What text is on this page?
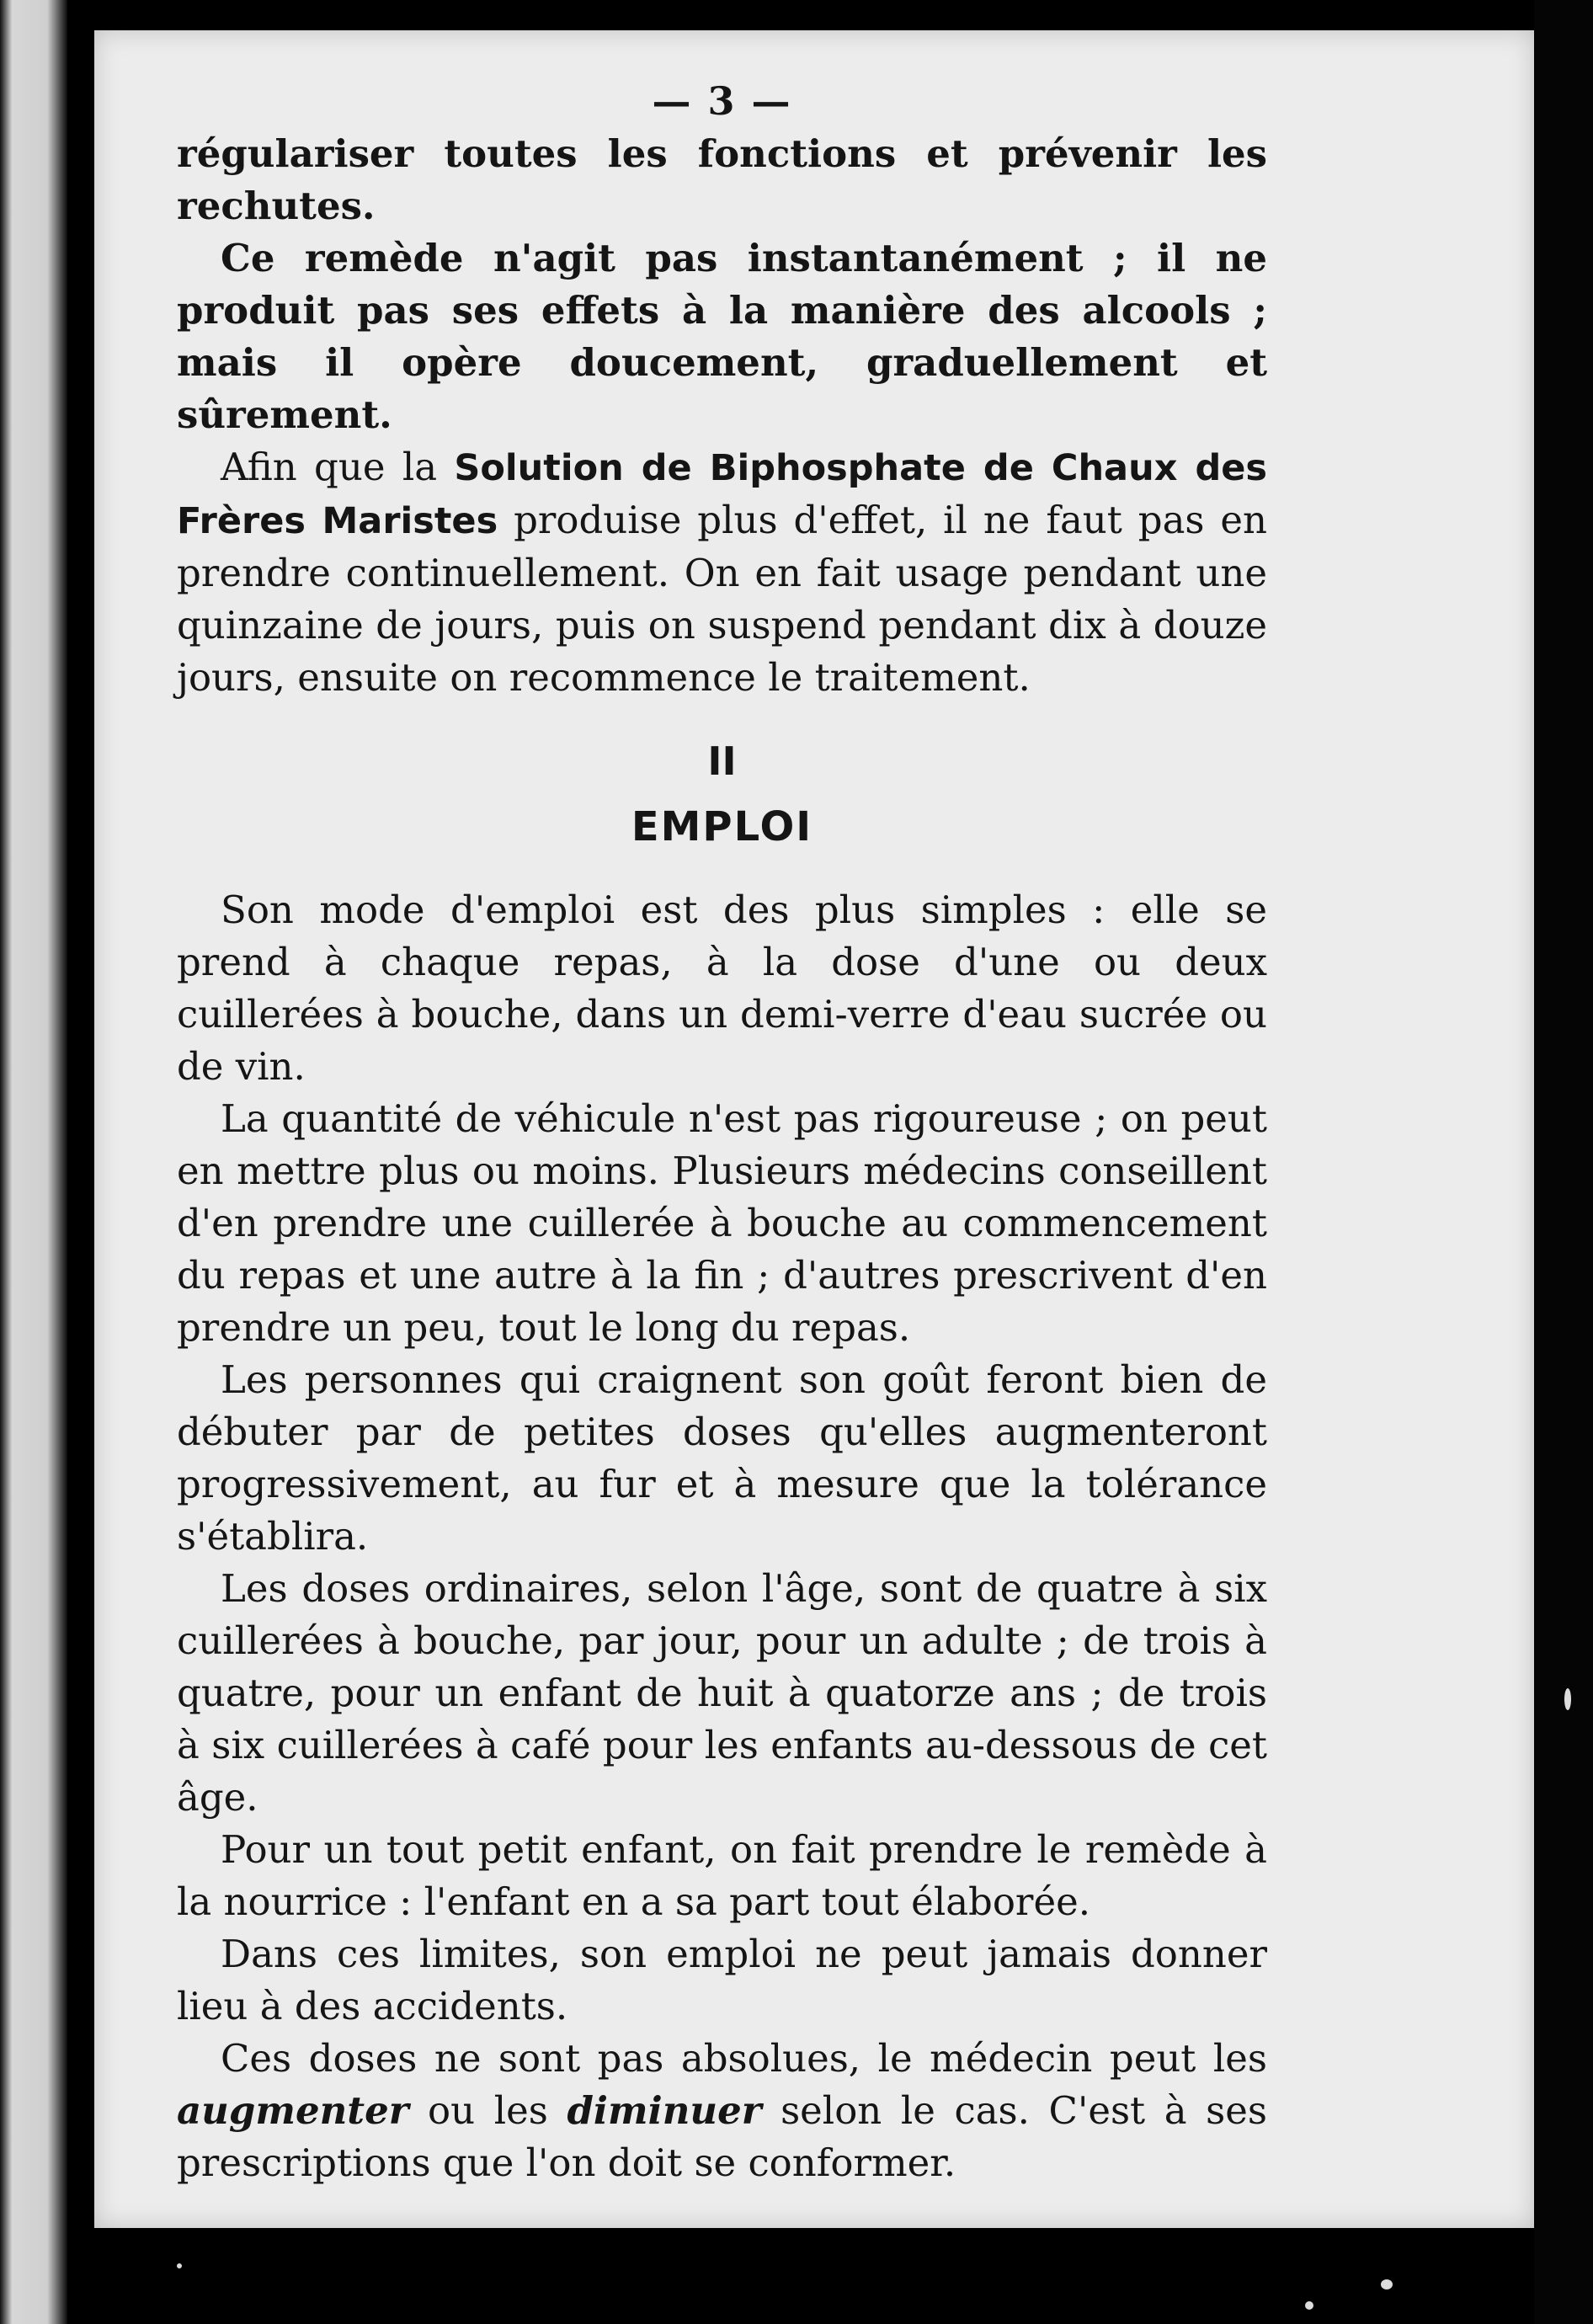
— 3 —

régulariser toutes les fonctions et prévenir les rechutes.

Ce remède n'agit pas instantanément ; il ne produit pas ses effets à la manière des alcools ; mais il opère doucement, graduellement et sûrement.

Afin que la Solution de Biphosphate de Chaux des Frères Maristes produise plus d'effet, il ne faut pas en prendre continuellement. On en fait usage pendant une quinzaine de jours, puis on suspend pendant dix à douze jours, ensuite on recommence le traitement.

II
EMPLOI

Son mode d'emploi est des plus simples : elle se prend à chaque repas, à la dose d'une ou deux cuillerées à bouche, dans un demi-verre d'eau sucrée ou de vin.

La quantité de véhicule n'est pas rigoureuse ; on peut en mettre plus ou moins. Plusieurs médecins conseillent d'en prendre une cuillerée à bouche au commencement du repas et une autre à la fin ; d'autres prescrivent d'en prendre un peu, tout le long du repas.

Les personnes qui craignent son goût feront bien de débuter par de petites doses qu'elles augmenteront progressivement, au fur et à mesure que la tolérance s'établira.

Les doses ordinaires, selon l'âge, sont de quatre à six cuillerées à bouche, par jour, pour un adulte ; de trois à quatre, pour un enfant de huit à quatorze ans ; de trois à six cuillerées à café pour les enfants au-dessous de cet âge.

Pour un tout petit enfant, on fait prendre le remède à la nourrice : l'enfant en a sa part tout élaborée.

Dans ces limites, son emploi ne peut jamais donner lieu à des accidents.

Ces doses ne sont pas absolues, le médecin peut les augmenter ou les diminuer selon le cas. C'est à ses prescriptions que l'on doit se conformer.
